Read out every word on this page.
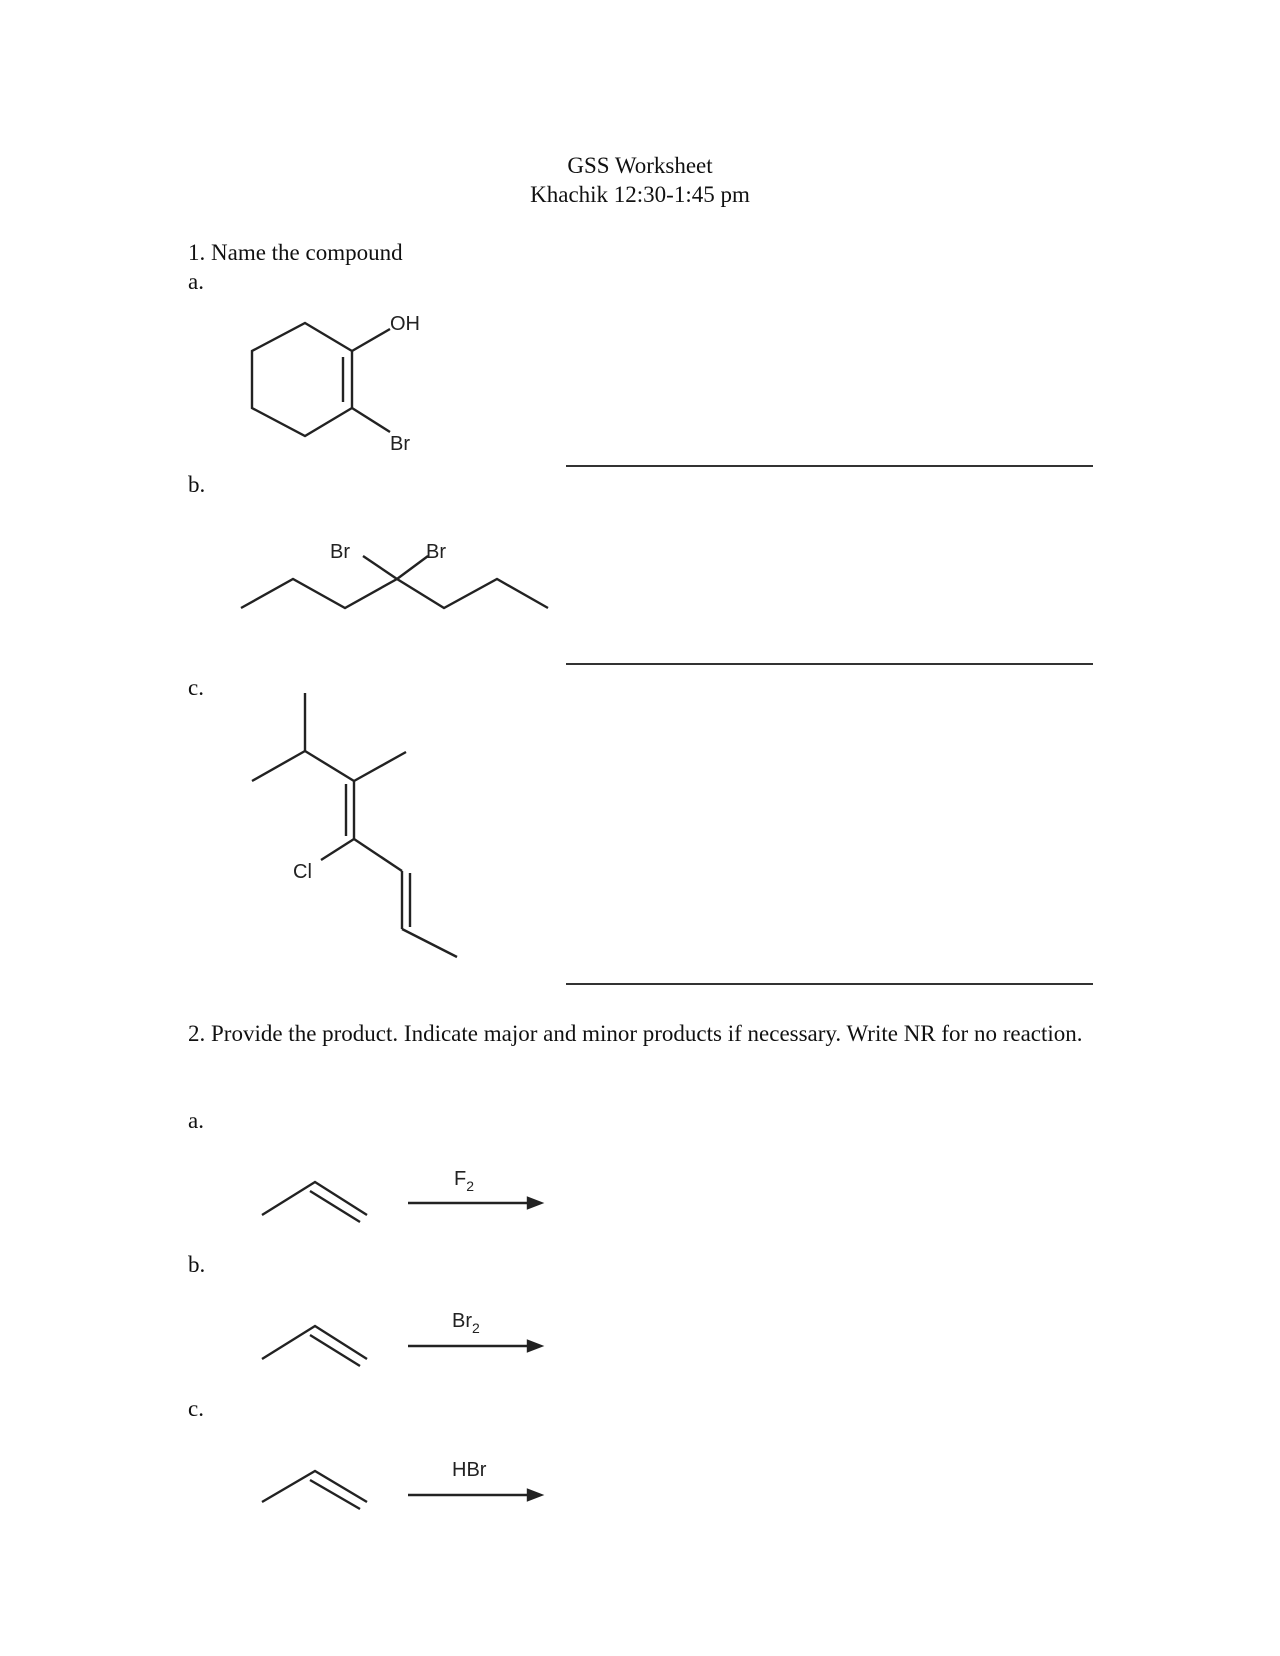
GSS Worksheet
Khachik 12:30-1:45 pm
1. Name the compound
a.
b.
c.
2. Provide the product. Indicate major and minor products if necessary. Write NR for no reaction.
a.
b.
c.
OH
Br
Br	Br
Cl
$F_2$
$Br_2$
HBr
